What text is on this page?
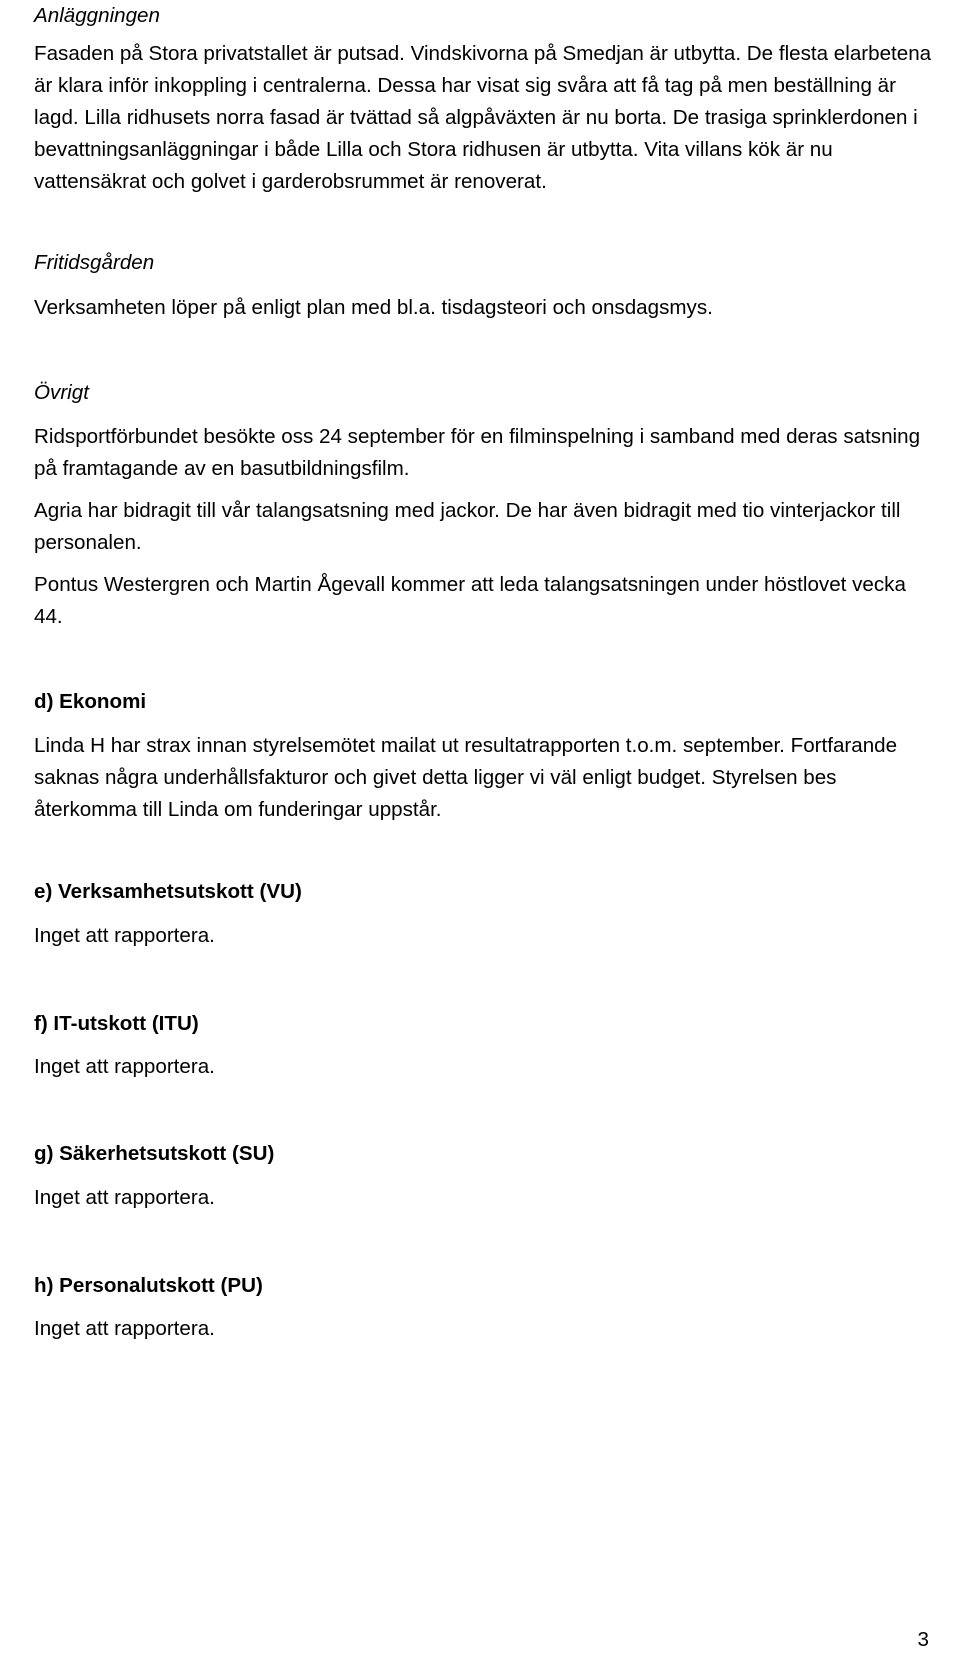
Anläggningen

Fasaden på Stora privatstallet är putsad. Vindskivorna på Smedjan är utbytta. De flesta elarbetena är klara inför inkoppling i centralerna. Dessa har visat sig svåra att få tag på men beställning är lagd. Lilla ridhusets norra fasad är tvättad så algpåväxten är nu borta. De trasiga sprinklerdonen i bevattningsanläggningar i både Lilla och Stora ridhusen är utbytta. Vita villans kök är nu vattensäkrat och golvet i garderobsrummet är renoverat.

Fritidsgården

Verksamheten löper på enligt plan med bl.a. tisdagsteori och onsdagsmys.

Övrigt

Ridsportförbundet besökte oss 24 september för en filminspelning i samband med deras satsning på framtagande av en basutbildningsfilm.

Agria har bidragit till vår talangsatsning med jackor. De har även bidragit med tio vinterjackor till personalen.

Pontus Westergren och Martin Ågevall kommer att leda talangsatsningen under höstlovet vecka 44.

d) Ekonomi

Linda H har strax innan styrelsemötet mailat ut resultatrapporten t.o.m. september. Fortfarande saknas några underhållsfakturor och givet detta ligger vi väl enligt budget. Styrelsen bes återkomma till Linda om funderingar uppstår.

e) Verksamhetsutskott (VU)

Inget att rapportera.

f) IT-utskott (ITU)

Inget att rapportera.

g) Säkerhetsutskott (SU)

Inget att rapportera.

h) Personalutskott (PU)

Inget att rapportera.

3
